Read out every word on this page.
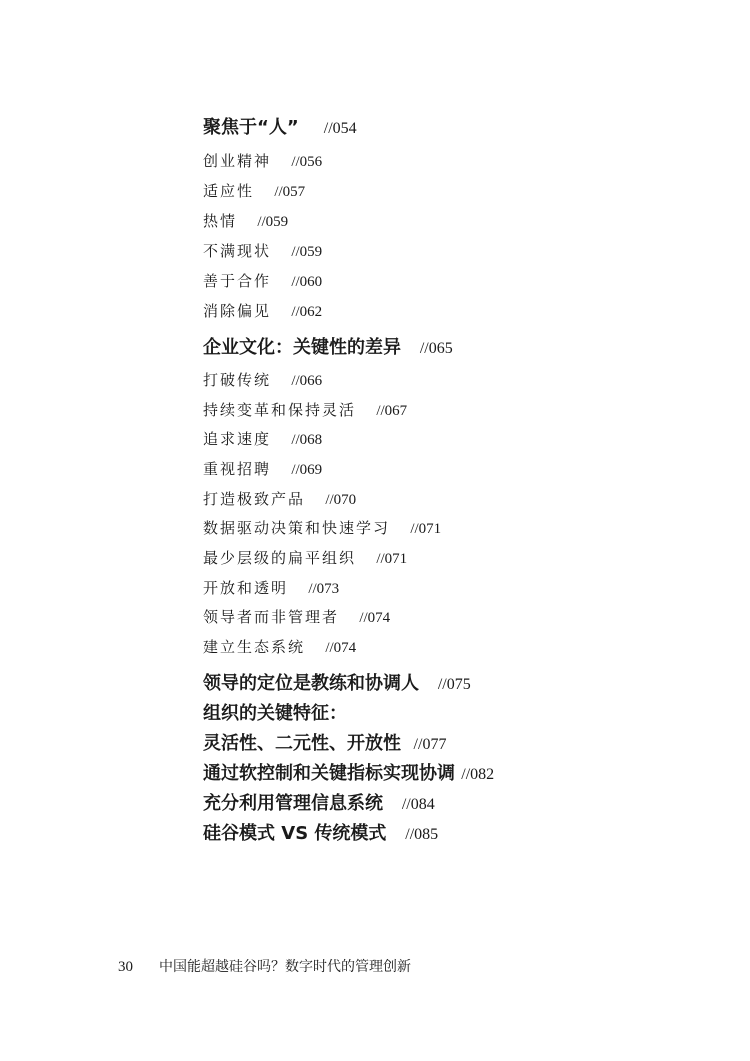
聚焦于“人” //054
创业精神 //056
适应性 //057
热情 //059
不满现状 //059
善于合作 //060
消除偏见 //062
企业文化：关键性的差异 //065
打破传统 //066
持续变革和保持灵活 //067
追求速度 //068
重视招聘 //069
打造极致产品 //070
数据驱动决策和快速学习 //071
最少层级的扁平组织 //071
开放和透明 //073
领导者而非管理者 //074
建立生态系统 //074
领导的定位是教练和协调人 //075
组织的关键特征：
灵活性、二元性、开放性 //077
通过软控制和关键指标实现协调 //082
充分利用管理信息系统 //084
硅谷模式 VS 传统模式 //085
30 中国能超越硅谷吗？数字时代的管理创新
